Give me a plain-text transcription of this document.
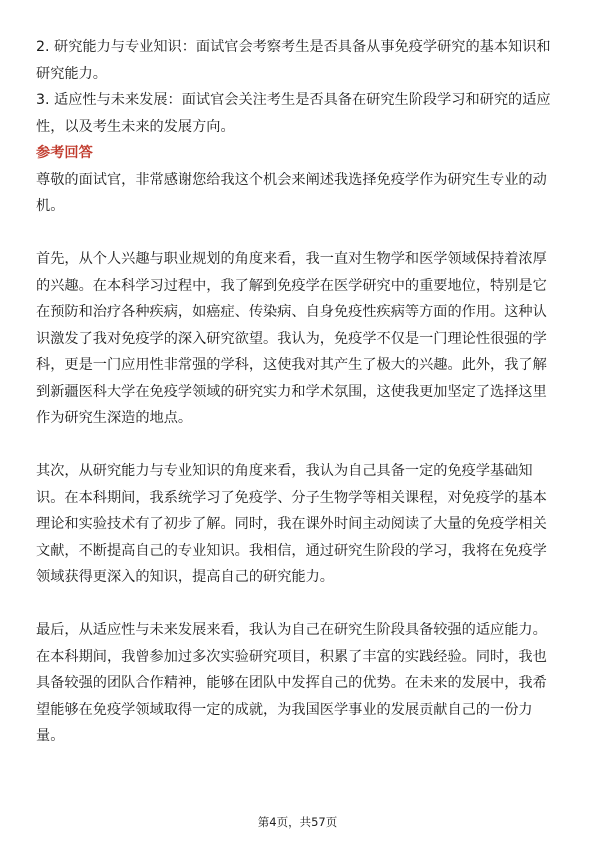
2. 研究能力与专业知识：面试官会考察考生是否具备从事免疫学研究的基本知识和研究能力。

3. 适应性与未来发展：面试官会关注考生是否具备在研究生阶段学习和研究的适应性，以及考生未来的发展方向。

参考回答

尊敬的面试官，非常感谢您给我这个机会来阐述我选择免疫学作为研究生专业的动机。

首先，从个人兴趣与职业规划的角度来看，我一直对生物学和医学领域保持着浓厚的兴趣。在本科学习过程中，我了解到免疫学在医学研究中的重要地位，特别是它在预防和治疗各种疾病，如癌症、传染病、自身免疫性疾病等方面的作用。这种认识激发了我对免疫学的深入研究欲望。我认为，免疫学不仅是一门理论性很强的学科，更是一门应用性非常强的学科，这使我对其产生了极大的兴趣。此外，我了解到新疆医科大学在免疫学领域的研究实力和学术氛围，这使我更加坚定了选择这里作为研究生深造的地点。

其次，从研究能力与专业知识的角度来看，我认为自己具备一定的免疫学基础知识。在本科期间，我系统学习了免疫学、分子生物学等相关课程，对免疫学的基本理论和实验技术有了初步了解。同时，我在课外时间主动阅读了大量的免疫学相关文献，不断提高自己的专业知识。我相信，通过研究生阶段的学习，我将在免疫学领域获得更深入的知识，提高自己的研究能力。

最后，从适应性与未来发展来看，我认为自己在研究生阶段具备较强的适应能力。在本科期间，我曾参加过多次实验研究项目，积累了丰富的实践经验。同时，我也具备较强的团队合作精神，能够在团队中发挥自己的优势。在未来的发展中，我希望能够在免疫学领域取得一定的成就，为我国医学事业的发展贡献自己的一份力量。

第4页，共57页
